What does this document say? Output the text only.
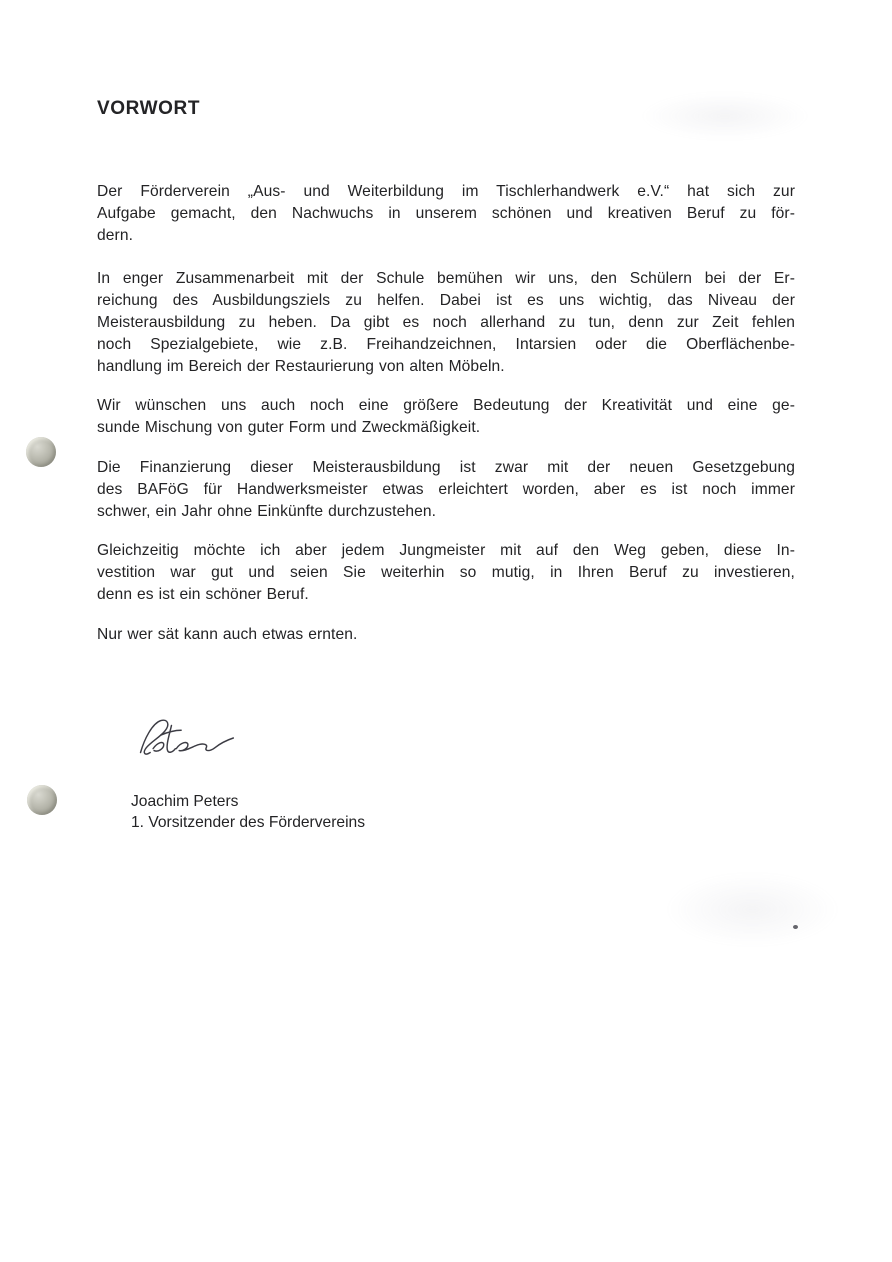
VORWORT
Der Förderverein „Aus- und Weiterbildung im Tischlerhandwerk e.V.“ hat sich zur
Aufgabe gemacht, den Nachwuchs in unserem schönen und kreativen Beruf zu för-
dern.
In enger Zusammenarbeit mit der Schule bemühen wir uns, den Schülern bei der Er-
reichung des Ausbildungsziels zu helfen. Dabei ist es uns wichtig, das Niveau der
Meisterausbildung zu heben. Da gibt es noch allerhand zu tun, denn zur Zeit fehlen
noch Spezialgebiete, wie z.B. Freihandzeichnen, Intarsien oder die Oberflächenbe-
handlung im Bereich der Restaurierung von alten Möbeln.
Wir wünschen uns auch noch eine größere Bedeutung der Kreativität und eine ge-
sunde Mischung von guter Form und Zweckmäßigkeit.
Die Finanzierung dieser Meisterausbildung ist zwar mit der neuen Gesetzgebung
des BAFöG für Handwerksmeister etwas erleichtert worden, aber es ist noch immer
schwer, ein Jahr ohne Einkünfte durchzustehen.
Gleichzeitig möchte ich aber jedem Jungmeister mit auf den Weg geben, diese In-
vestition war gut und seien Sie weiterhin so mutig, in Ihren Beruf zu investieren,
denn es ist ein schöner Beruf.
Nur wer sät kann auch etwas ernten.
Joachim Peters
1. Vorsitzender des Fördervereins
